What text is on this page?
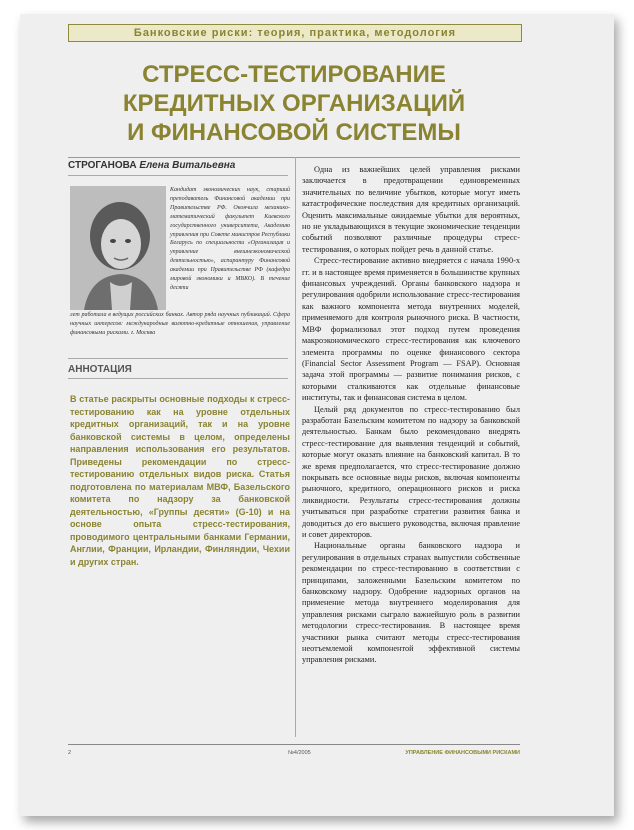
Банковские риски: теория, практика, методология
СТРЕСС-ТЕСТИРОВАНИЕ
КРЕДИТНЫХ ОРГАНИЗАЦИЙ
И ФИНАНСОВОЙ СИСТЕМЫ
СТРОГАНОВА Елена Витальевна
Кандидат экономических наук, старший преподаватель Финансовой академии при Правительстве РФ. Окончила механико-математический факультет Киевского государственного университета, Академию управления при Совете министров Республики Беларусь по специальности «Организация и управление внешнеэкономической деятельностью», аспирантуру Финансовой академии при Правительстве РФ (кафедра мировой экономики и МВКО). В течение десяти
лет работала в ведущих российских банках. Автор ряда научных публикаций. Сфера научных интересов: международные валютно-кредитные отношения, управление финансовыми рисками. г. Москва
АННОТАЦИЯ
В статье раскрыты основные подходы к стресс-тестированию как на уровне отдельных кредитных организаций, так и на уровне банковской системы в целом, определены направления использования его результатов. Приведены рекомендации по стресс-тестированию отдельных видов риска. Статья подготовлена по материалам МВФ, Базельского комитета по надзору за банковской деятельностью, «Группы десяти» (G-10) и на основе опыта стресс-тестирования, проводимого центральными банками Германии, Англии, Франции, Ирландии, Финляндии, Чехии и других стран.

Одна из важнейших целей управления рисками заключается в предотвращении единовременных значительных по величине убытков, которые могут иметь катастрофические последствия для кредитных организаций. Оценить максимальные ожидаемые убытки для вероятных, но не укладывающихся в текущие экономические тенденции событий позволяют различные процедуры стресс-тестирования, о которых пойдет речь в данной статье.

Стресс-тестирование активно внедряется с начала 1990-х гг. и в настоящее время применяется в большинстве крупных финансовых учреждений. Органы банковского надзора и регулирования одобрили использование стресс-тестирования как важного компонента метода внутренних моделей, применяемого для контроля рыночного риска. В частности, МВФ формализовал этот подход путем проведения макроэкономического стресс-тестирования как ключевого элемента программы по оценке финансового сектора (Financial Sector Assessment Program — FSAP). Основная задача этой программы — развитие понимания рисков, с которыми сталкиваются как отдельные финансовые институты, так и финансовая система в целом.

Целый ряд документов по стресс-тестированию был разработан Базельским комитетом по надзору за банковской деятельностью. Банкам было рекомендовано внедрять стресс-тестирование для выявления тенденций и событий, которые могут оказать влияние на банковский капитал. В то же время предполагается, что стресс-тестирование должно покрывать все основные виды рисков, включая компоненты рыночного, кредитного, операционного рисков и риска ликвидности. Результаты стресс-тестирования должны учитываться при разработке стратегии развития банка и доводиться до его высшего руководства, включая правление и совет директоров.

Национальные органы банковского надзора и регулирования в отдельных странах выпустили собственные рекомендации по стресс-тестированию в соответствии с принципами, заложенными Базельским комитетом по банковскому надзору. Одобрение надзорных органов на применение метода внутреннего моделирования для управления рисками сыграло важнейшую роль в развитии методологии стресс-тестирования. В настоящее время участники рынка считают методы стресс-тестирования неотъемлемой компонентой эффективной системы управления рисками.

2	№4/2005	УПРАВЛЕНИЕ ФИНАНСОВЫМИ РИСКАМИ
